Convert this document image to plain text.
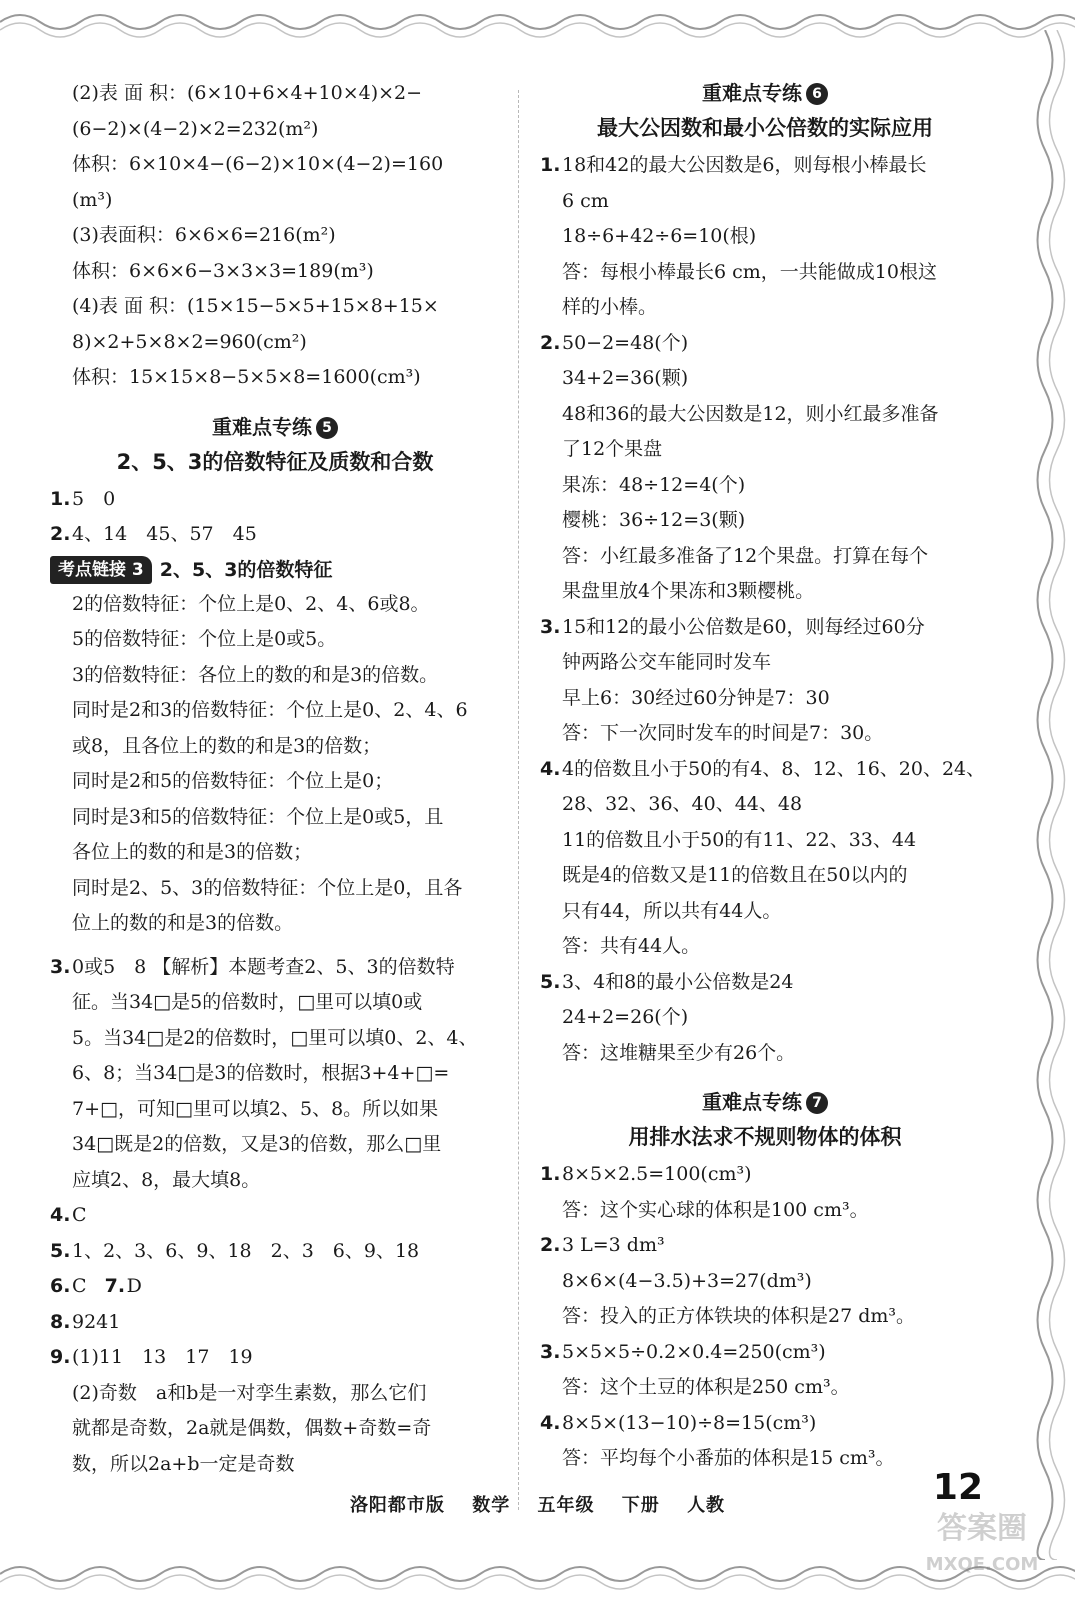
(2)表 面 积：(6×10+6×4+10×4)×2−
(6−2)×(4−2)×2=232(m²)
体积：6×10×4−(6−2)×10×(4−2)=160
(m³)
(3)表面积：6×6×6=216(m²)
体积：6×6×6−3×3×3=189(m³)
(4)表 面 积：(15×15−5×5+15×8+15×
8)×2+5×8×2=960(cm²)
体积：15×15×8−5×5×8=1600(cm³)
重难点专练 5
2、5、3的倍数特征及质数和合数
1.5　0
2.4、14　45、57　45
考点链接 3 2、5、3的倍数特征
2的倍数特征：个位上是0、2、4、6或8。
5的倍数特征：个位上是0或5。
3的倍数特征：各位上的数的和是3的倍数。
同时是2和3的倍数特征：个位上是0、2、4、6
或8，且各位上的数的和是3的倍数；
同时是2和5的倍数特征：个位上是0；
同时是3和5的倍数特征：个位上是0或5，且
各位上的数的和是3的倍数；
同时是2、5、3的倍数特征：个位上是0，且各
位上的数的和是3的倍数。
3.0或5　8 【解析】本题考查2、5、3的倍数特
征。当34□是5的倍数时，□里可以填0或
5。当34□是2的倍数时，□里可以填0、2、4、
6、8；当34□是3的倍数时，根据3+4+□=
7+□，可知□里可以填2、5、8。所以如果
34□既是2的倍数，又是3的倍数，那么□里
应填2、8，最大填8。
4.C
5.1、2、3、6、9、18　2、3　6、9、18
6.C 7.D
8.9241
9.(1)11　13　17　19
(2)奇数　a和b是一对孪生素数，那么它们
就都是奇数，2a就是偶数，偶数+奇数=奇
数，所以2a+b一定是奇数
重难点专练 6
最大公因数和最小公倍数的实际应用
1.18和42的最大公因数是6，则每根小棒最长
6 cm
18÷6+42÷6=10(根)
答：每根小棒最长6 cm，一共能做成10根这
样的小棒。
2.50−2=48(个)
34+2=36(颗)
48和36的最大公因数是12，则小红最多准备
了12个果盘
果冻：48÷12=4(个)
樱桃：36÷12=3(颗)
答：小红最多准备了12个果盘。打算在每个
果盘里放4个果冻和3颗樱桃。
3.15和12的最小公倍数是60，则每经过60分
钟两路公交车能同时发车
早上6：30经过60分钟是7：30
答：下一次同时发车的时间是7：30。
4.4的倍数且小于50的有4、8、12、16、20、24、
28、32、36、40、44、48
11的倍数且小于50的有11、22、33、44
既是4的倍数又是11的倍数且在50以内的
只有44，所以共有44人。
答：共有44人。
5.3、4和8的最小公倍数是24
24+2=26(个)
答：这堆糖果至少有26个。
重难点专练 7
用排水法求不规则物体的体积
1.8×5×2.5=100(cm³)
答：这个实心球的体积是100 cm³。
2.3 L=3 dm³
8×6×(4−3.5)+3=27(dm³)
答：投入的正方体铁块的体积是27 dm³。
3.5×5×5÷0.2×0.4=250(cm³)
答：这个土豆的体积是250 cm³。
4.8×5×(13−10)÷8=15(cm³)
答：平均每个小番茄的体积是15 cm³。
洛阳都市版 数学 五年级 下册 人教	12
答案圈
MXQE.COM
